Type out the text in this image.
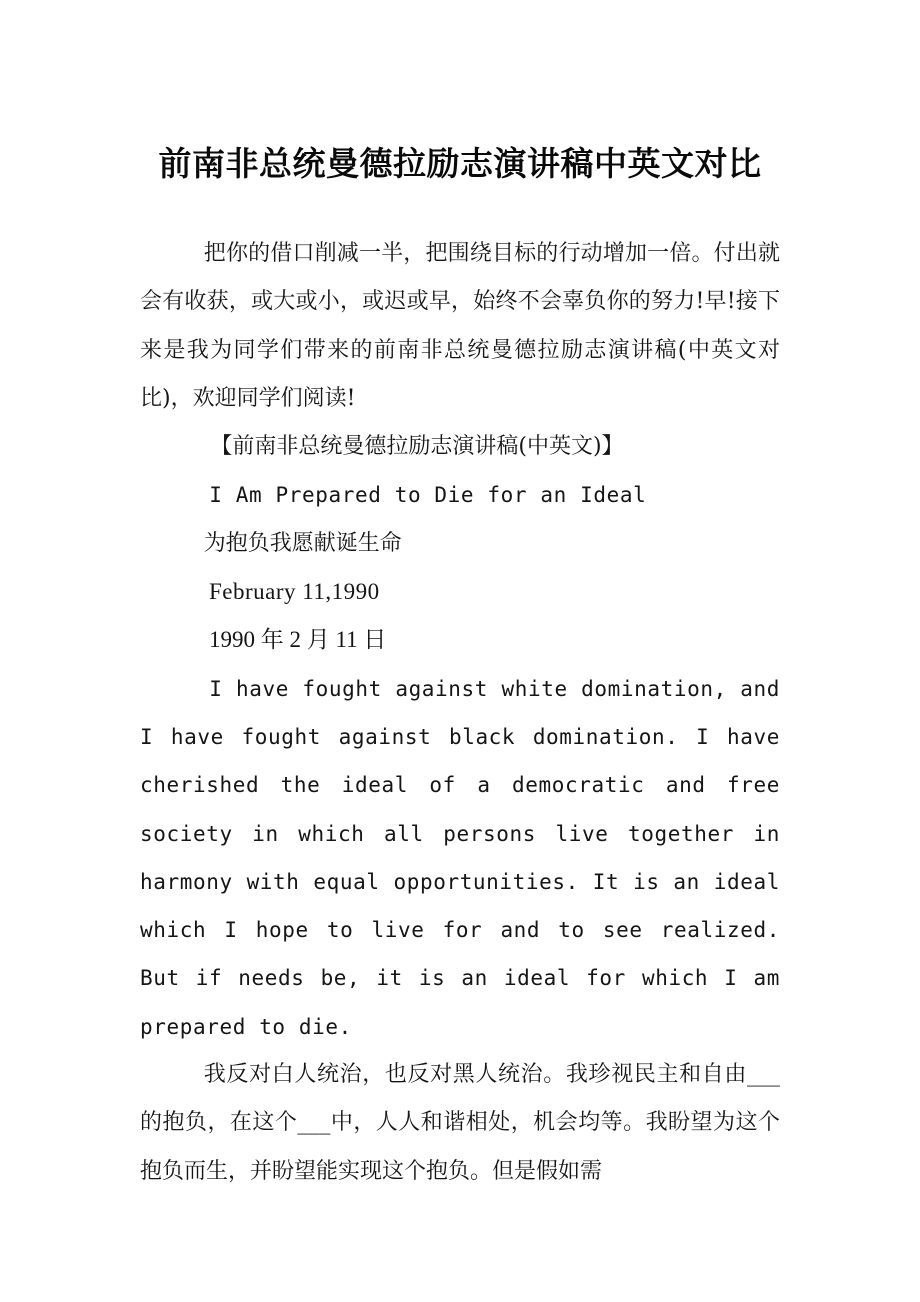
前南非总统曼德拉励志演讲稿中英文对比

把你的借口削减一半，把围绕目标的行动增加一倍。付出就会有收获，或大或小，或迟或早，始终不会辜负你的努力!早!接下来是我为同学们带来的前南非总统曼德拉励志演讲稿(中英文对比)，欢迎同学们阅读!

【前南非总统曼德拉励志演讲稿(中英文)】

I Am Prepared to Die for an Ideal

为抱负我愿献诞生命

February 11,1990

1990 年 2 月 11 日

I have fought against white domination, and I have fought against black domination. I have cherished the ideal of a democratic and free society in which all persons live together in harmony with equal opportunities. It is an ideal which I hope to live for and to see realized. But if needs be, it is an ideal for which I am prepared to die.

我反对白人统治，也反对黑人统治。我珍视民主和自由___的抱负，在这个___中，人人和谐相处，机会均等。我盼望为这个抱负而生，并盼望能实现这个抱负。但是假如需
